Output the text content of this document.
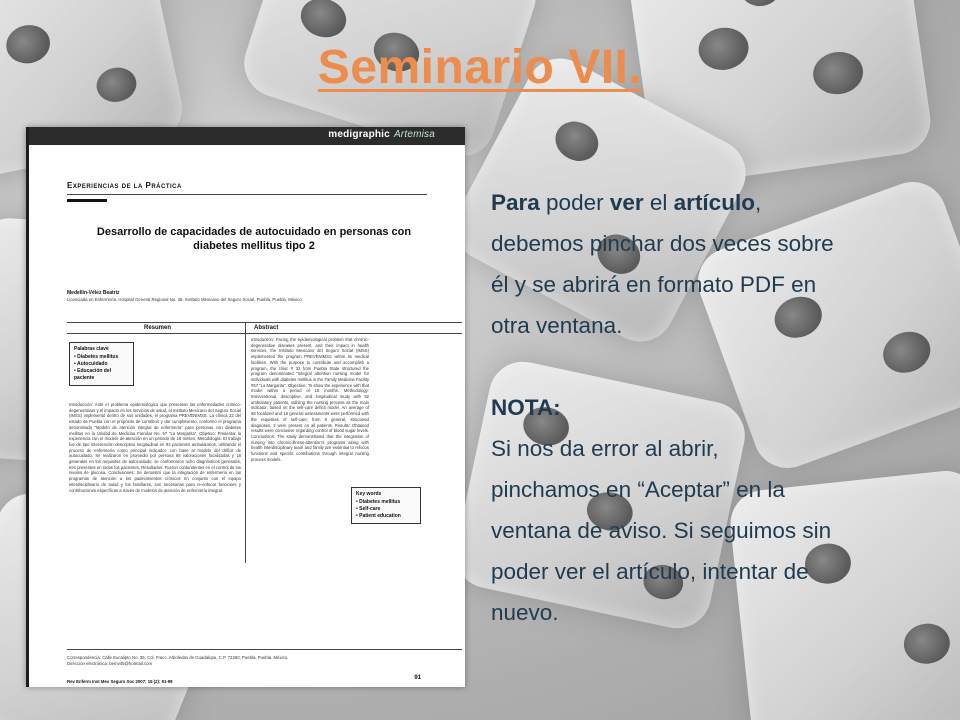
Seminario VII.
medigraphic Artemisa
Experiencias de la Práctica
Desarrollo de capacidades de autocuidado en personas con diabetes mellitus tipo 2
Medellín-Vélez Beatriz
Licenciada en Enfermería, Hospital General Regional No. 36, Instituto Mexicano del Seguro Social, Puebla, Puebla, México
Resumen	Abstract
Palabras clave
• Diabetes mellitus
• Autocuidado
• Educación del paciente
Introducción: Ante el problema epidemiológico que presentan las enfermedades crónico-degenerativas y el impacto en los servicios de salud, el Instituto Mexicano del Seguro Social (IMSS) implementó dentro de sus unidades, el programa PREVENIMSS. La clínica 32 del estado de Puebla con el propósito de contribuir y dar cumplimiento, conformó el programa denominado “Modelo de atención integral de enfermería” para personas con diabetes mellitus en la Unidad de Medicina Familiar No. 57 “La Margarita”. Objetivo: Presentar la experiencia con el modelo de atención en un periodo de 18 meses. Metodología: El trabajo fue de tipo intervención descriptivo longitudinal en 92 pacientes ambulatorios, utilizando el proceso de enfermería como principal indicador, con base al modelo del déficit de autocuidado. Se realizaron en promedio por persona 68 valoraciones focalizadas y 18 generales en los requisitos de autocuidado; se conformaron ocho diagnósticos generales, tres presentes en todos los pacientes. Resultados: Fueron contundentes en el control de los niveles de glucosa. Conclusiones: Se demostró que la integración de enfermería en los programas de atención a los padecimientos crónicos en conjunto con el equipo interdisciplinario de salud y los familiares, son necesarias para re-enfocar funciones y contribuciones específicas a través de modelos de atención de enfermería integral.
Introduction: Facing the epidemiological problem that chronic-degenerative diseases present, and their impact in health services, the Instituto Mexicano del Seguro Social (IMSS) implemented the program PREVENIMSS within its medical facilities. With the purpose to contribute and accomplish a program, the clinic # 32 from Puebla State structured the program denominated “Integral attention nursing model for individuals with diabetes mellitus in the Family Medicine Facility #57 “La Margarita”. Objective: To show the experience with that model within a period of 18 months. Methodology: Interventional, descriptive, and longitudinal study with 92 ambulatory patients, utilizing the nursing process as the main indicator, based on the self-care deficit model. An average of 68 focalized and 18 general assessments were performed with the requisites of self-care; from 8 general, structured diagnoses, 3 were present on all patients. Results: Obtained results were conclusive regarding control of blood sugar levels. Conclusions: The study demonstrated that the integration of nursing into chronic-illness-attention’s programs along with health interdisciplinary team and family are essential to refocus functions and specific contributions through integral nursing process models.
Key words
• Diabetes mellitus
• Self-care
• Patient education
Correspondencia: Calle Eucalipto No. 35, Col. Fracc. Arboledas de Guadalupe, C.P. 72260, Puebla, Puebla. México. Dirección electrónica: bemv45@hotmail.com
Rev Enferm Inst Mex Seguro Soc 2007; 15 (2): 91-98
91
Para poder ver el artículo,
debemos pinchar dos veces sobre
él y se abrirá en formato PDF en
otra ventana.
NOTA:
Si nos da error al abrir,
pinchamos en “Aceptar” en la
ventana de aviso. Si seguimos sin
poder ver el artículo, intentar de
nuevo.
